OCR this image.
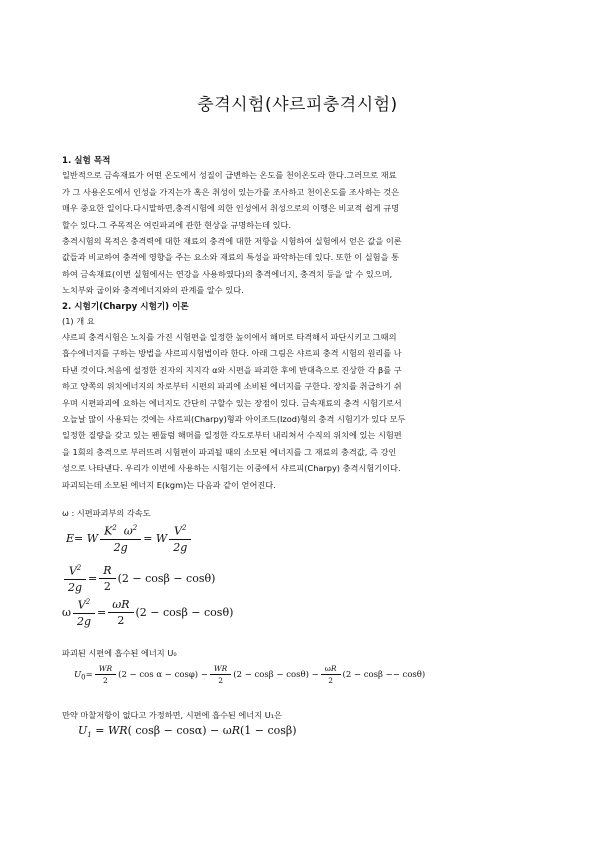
충격시험(샤르피충격시험)
1. 실험 목적
일반적으로 금속재료가 어떤 온도에서 성질이 급변하는 온도를 천이온도라 한다.그러므로 재료
가 그 사용온도에서 인성을 가지는가 혹은 취성이 있는가를 조사하고 천이온도를 조사하는 것은
매우 중요한 일이다.다시말하면,충격시험에 의한 인성에서 취성으로의 이행은 비교적 쉽게 규명
할수 있다.그 주목적은 여린파괴에 관한 현상을 규명하는데 있다.
충격시험의 목적은 충격력에 대한 재료의 충격에 대한 저항을 시험하여 실험에서 얻은 값을 이론
값들과 비교하여 충격에 영향을 주는 요소와 재료의 특성을 파악하는데 있다. 또한 이 실험을 통
하여 금속재료(이번 실험에서는 연강을 사용하였다)의 충격에너지, 충격치 등을 알 수 있으며,
노치부와 굽이와 충격에너지와의 관계를 알수 있다.
2. 시험기(Charpy 시험기) 이론
(1) 개 요
샤르피 충격시험은 노치를 가진 시험편을 일정한 높이에서 해머로 타격해서 파단시키고 그때의
흡수에너지를 구하는 방법을 샤르피시험법이라 한다. 아래 그림은 샤르피 충격 시험의 원리를 나
타낸 것이다.처음에 설정한 진자의 지지각 α와 시편을 파괴한 후에 반대측으로 진상한 각 β를 구
하고 양쪽의 위치에너지의 차로부터 시편의 파괴에 소비된 에너지를 구한다. 장치를 취급하기 쉬
우며 시편파괴에 요하는 에너지도 간단히 구할수 있는 장점이 있다. 금속재료의 충격 시험기로서
오늘날 많이 사용되는 것에는 샤르피(Charpy)형과 아이조드(Izod)형의 충격 시험기가 있다 모두
일정한 질량을 갖고 있는 펜듈럼 해머를 일정한 각도로부터 내리쳐서 수직의 위치에 있는 시험편
을 1회의 충격으로 부러뜨려 시험편이 파괴될 때의 소모된 에너지를 그 재료의 충격값, 즉 강인
성으로 나타낸다. 우리가 이번에 사용하는 시험기는 이중에서 샤르피(Charpy) 충격시험기이다.
파괴되는데 소모된 에너지 E(kgm)는 다음과 같이 얻어진다.
ω : 시편파괴부의 각속도
E= W $\frac{K^2 \omega^2}{2g} = W \frac{V^2}{2g}$
$\frac{V^2}{2g} = \frac{R}{2} (2 - \cos\beta - \cos\theta)$
ω $\frac{V^2}{2g} = \frac{\omega R}{2} (2 - \cos\beta - \cos\theta)$
파괴된 시편에 흡수된 에너지 U₀
$U_0= \frac{WR}{2} (2 - \cos \alpha - \cos\varphi) - \frac{WR}{2} (2 - \cos\beta - \cos\theta) - \frac{\omega R}{2} (2 - \cos\beta -- \cos\theta)$
만약 마찰저항이 없다고 가정하면, 시편에 흡수된 에너지 U₁은
$U_1 = WR$( cosβ − cosα) − ωR(1 − cosβ)
